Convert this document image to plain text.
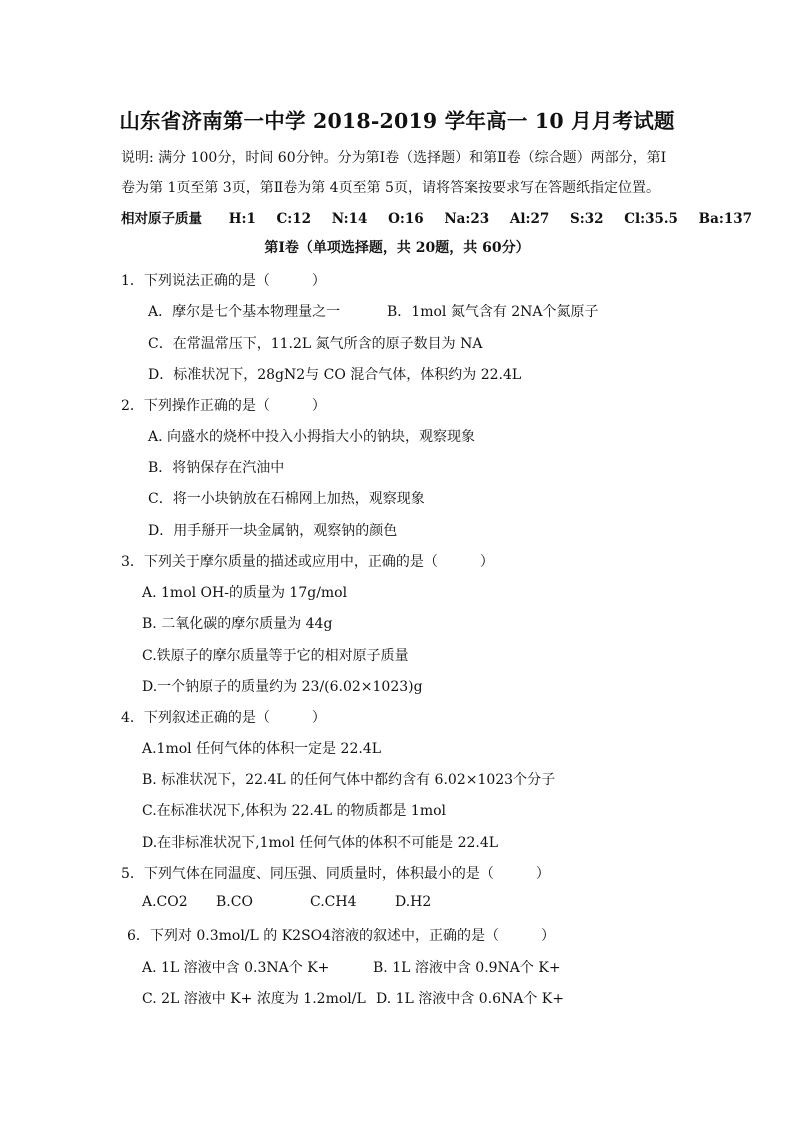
山东省济南第一中学 2018-2019 学年高一 10 月月考试题
说明: 满分 100分，时间 60分钟。分为第Ⅰ卷（选择题）和第Ⅱ卷（综合题）两部分，第Ⅰ
卷为第 1页至第 3页，第Ⅱ卷为第 4页至第 5页，请将答案按要求写在答题纸指定位置。
相对原子质量 H:1 C:12 N:14 O:16 Na:23 Al:27 S:32 Cl:35.5 Ba:137
第Ⅰ卷（单项选择题，共 20题，共 60分）
1．下列说法正确的是（　　　）
A．摩尔是七个基本物理量之一	B．1mol 氮气含有 2NA个氮原子
C．在常温常压下，11.2L 氮气所含的原子数目为 NA
D．标准状况下，28gN2与 CO 混合气体，体积约为 22.4L
2．下列操作正确的是（　　　）
A. 向盛水的烧杯中投入小拇指大小的钠块，观察现象
B．将钠保存在汽油中
C．将一小块钠放在石棉网上加热，观察现象
D．用手掰开一块金属钠，观察钠的颜色
3．下列关于摩尔质量的描述或应用中，正确的是（　　　）
A. 1mol OH-的质量为 17g/mol
B. 二氧化碳的摩尔质量为 44g
C.铁原子的摩尔质量等于它的相对原子质量
D.一个钠原子的质量约为 23/(6.02×1023)g
4．下列叙述正确的是（　　　）
A.1mol 任何气体的体积一定是 22.4L
B. 标准状况下，22.4L 的任何气体中都约含有 6.02×1023个分子
C.在标准状况下,体积为 22.4L 的物质都是 1mol
D.在非标准状况下,1mol 任何气体的体积不可能是 22.4L
5．下列气体在同温度、同压强、同质量时，体积最小的是（　　　）
A.CO2 B.CO	C.CH4	D.H2
6．下列对 0.3mol/L 的 K2SO4溶液的叙述中，正确的是（　　　）
A. 1L 溶液中含 0.3NA个 K+	B. 1L 溶液中含 0.9NA个 K+
C. 2L 溶液中 K+ 浓度为 1.2mol/L D. 1L 溶液中含 0.6NA个 K+
